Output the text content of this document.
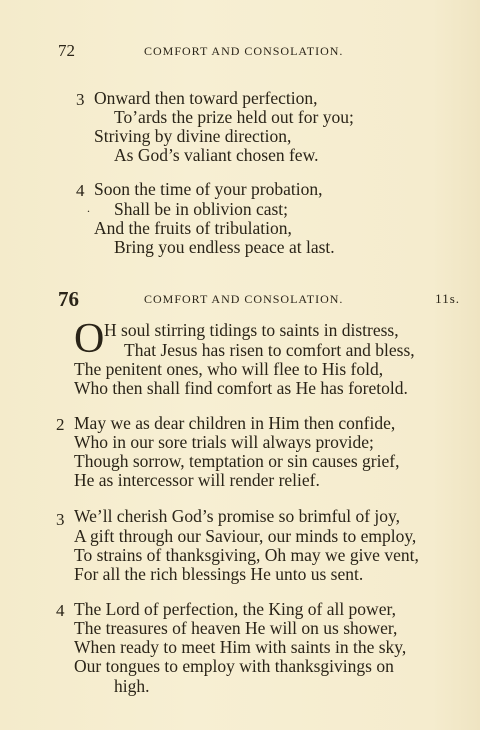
72	COMFORT AND CONSOLATION.
3 Onward then toward perfection,
To’ards the prize held out for you;
Striving by divine direction,
As God’s valiant chosen few.
4 Soon the time of your probation,
. Shall be in oblivion cast;
And the fruits of tribulation,
Bring you endless peace at last.
76	COMFORT AND CONSOLATION.	11s.
O H soul stirring tidings to saints in distress,
That Jesus has risen to comfort and bless,
The penitent ones, who will flee to His fold,
Who then shall find comfort as He has foretold.
2 May we as dear children in Him then confide,
Who in our sore trials will always provide;
Though sorrow, temptation or sin causes grief,
He as intercessor will render relief.
3 We’ll cherish God’s promise so brimful of joy,
A gift through our Saviour, our minds to employ,
To strains of thanksgiving, Oh may we give vent,
For all the rich blessings He unto us sent.
4 The Lord of perfection, the King of all power,
The treasures of heaven He will on us shower,
When ready to meet Him with saints in the sky,
Our tongues to employ with thanksgivings on
high.
